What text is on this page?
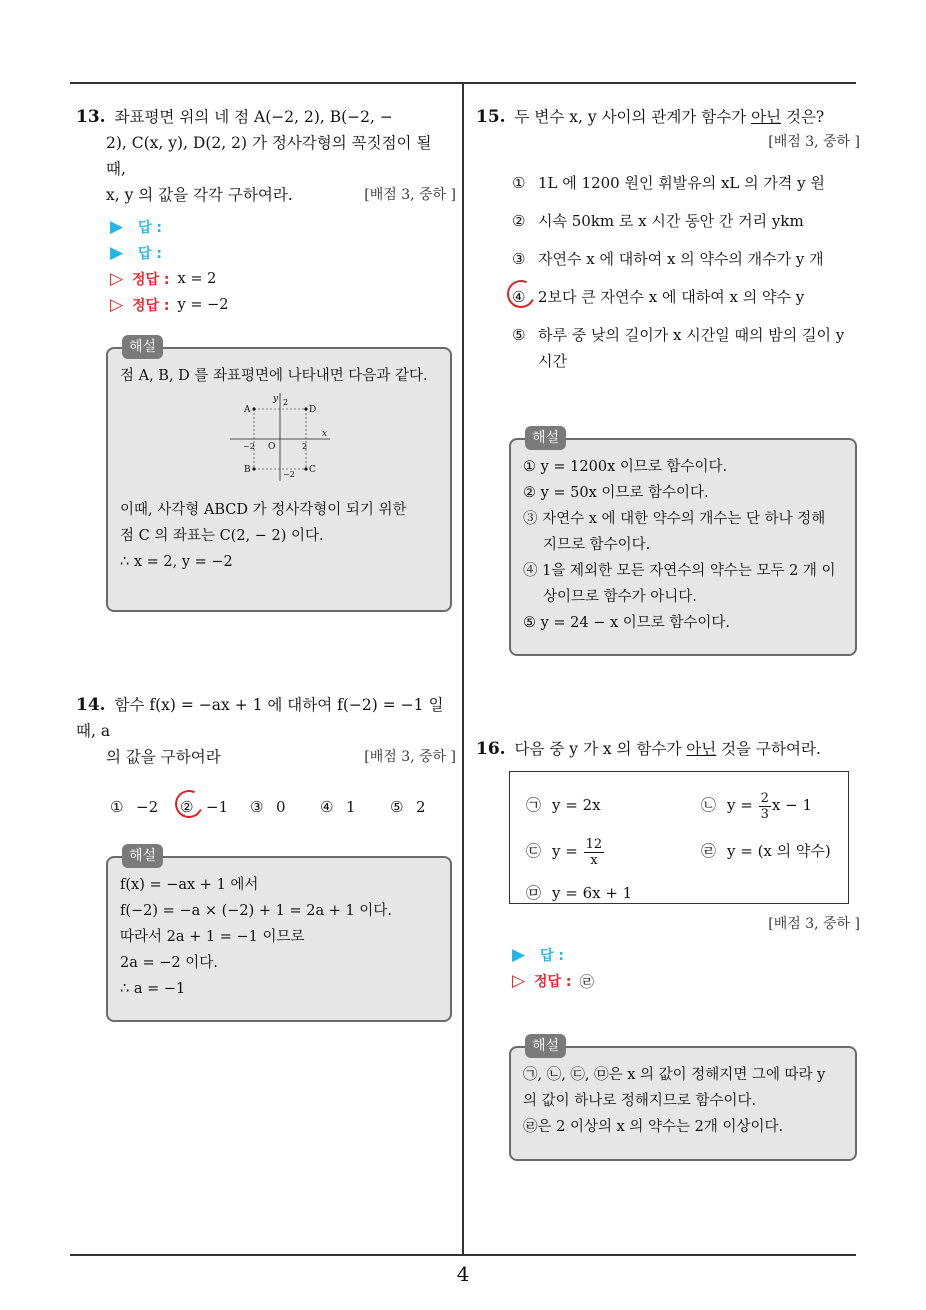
13. 좌표평면 위의 네 점 A(−2, 2), B(−2, −
2), C(x, y), D(2, 2) 가 정사각형의 꼭짓점이 될 때,
x, y 의 값을 각각 구하여라.	[배점 3, 중하 ]
▶	답 :
▶	답 :
▷ 정답 : x = 2
▷ 정답 : y = −2
해설
점 A, B, D 를 좌표평면에 나타내면 다음과 같다.
A
B	C
D
O
x
y
−2
2
2
−2
이때, 사각형 ABCD 가 정사각형이 되기 위한
점 C 의 좌표는 C(2, − 2) 이다.
∴ x = 2, y = −2
14. 함수 f(x) = −ax + 1 에 대하여 f(−2) = −1 일 때, a
의 값을 구하여라	[배점 3, 중하 ]
① −2	② −1	③ 0	④ 1	⑤ 2
해설
f(x) = −ax + 1 에서
f(−2) = −a × (−2) + 1 = 2a + 1 이다.
따라서 2a + 1 = −1 이므로
2a = −2 이다.
∴ a = −1
15. 두 변수 x, y 사이의 관계가 함수가 아닌 것은?
[배점 3, 중하 ]
① 1L 에 1200 원인 휘발유의 xL 의 가격 y 원
② 시속 50km 로 x 시간 동안 간 거리 ykm
③ 자연수 x 에 대하여 x 의 약수의 개수가 y 개
④ 2보다 큰 자연수 x 에 대하여 x 의 약수 y
⑤ 하루 중 낮의 길이가 x 시간일 때의 밤의 길이 y
시간
해설
① y = 1200x 이므로 함수이다.
② y = 50x 이므로 함수이다.
③ 자연수 x 에 대한 약수의 개수는 단 하나 정해
지므로 함수이다.
④ 1을 제외한 모든 자연수의 약수는 모두 2 개 이
상이므로 함수가 아니다.
⑤ y = 24 − x 이므로 함수이다.
16. 다음 중 y 가 x 의 함수가 아닌 것을 구하여라.
㉠ y = 2x	㉡ $y = \frac{2}{3}$ x − 1
㉢ $y = \frac{12}{x}$	㉣ y = (x 의 약수)
㉤ y = 6x + 1
[배점 3, 중하 ]
▶	답 :
▷ 정답 : ㉣
해설
㉠, ㉡, ㉢, ㉤은 x 의 값이 정해지면 그에 따라 y
의 값이 하나로 정해지므로 함수이다.
㉣은 2 이상의 x 의 약수는 2개 이상이다.
4
